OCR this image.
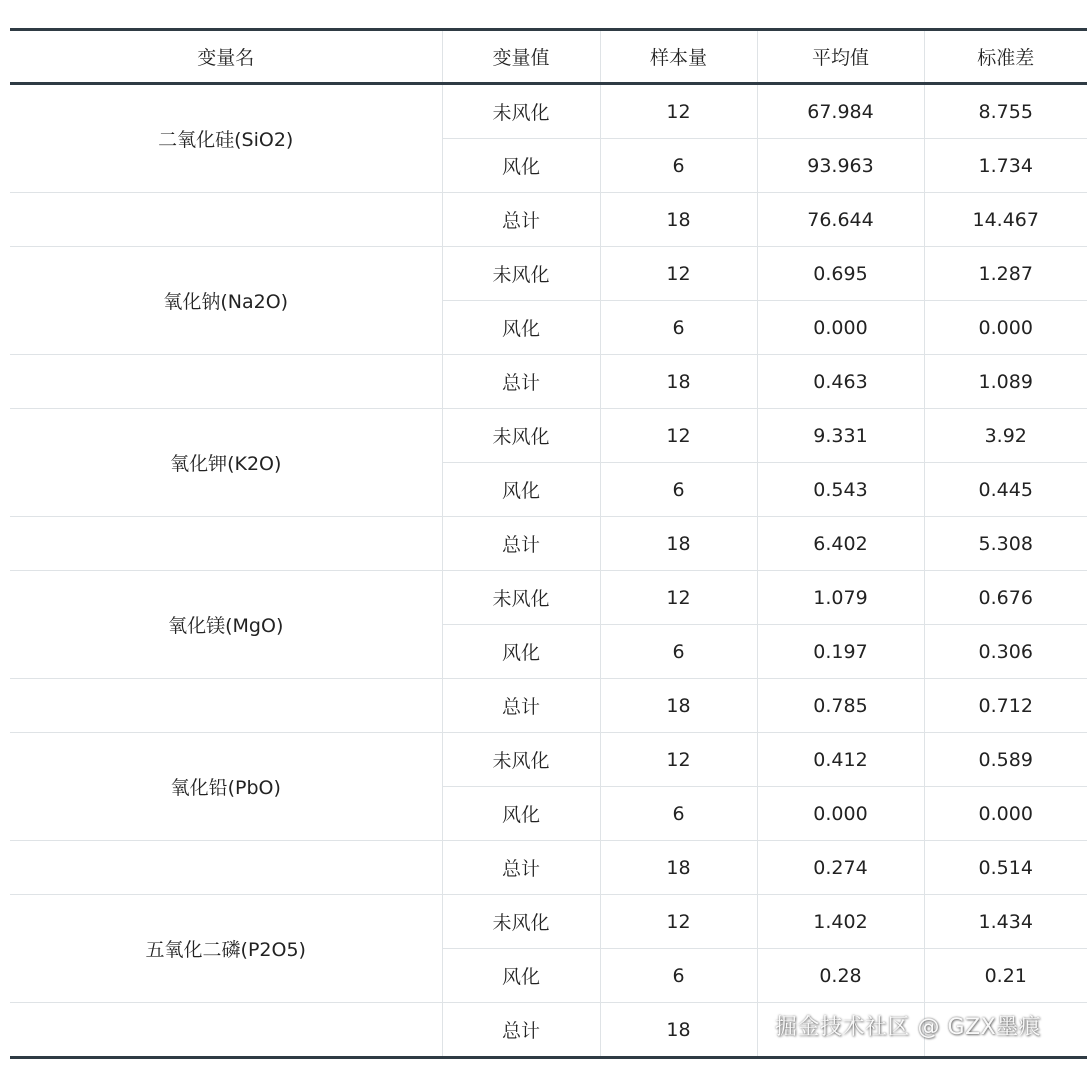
变量名	变量值	样本量	平均值	标准差
二氧化硅(SiO2)	未风化	12	67.984	8.755
	风化	6	93.963	1.734
	总计	18	76.644	14.467
氧化钠(Na2O)	未风化	12	0.695	1.287
	风化	6	0.000	0.000
	总计	18	0.463	1.089
氧化钾(K2O)	未风化	12	9.331	3.92
	风化	6	0.543	0.445
	总计	18	6.402	5.308
氧化镁(MgO)	未风化	12	1.079	0.676
	风化	6	0.197	0.306
	总计	18	0.785	0.712
氧化铅(PbO)	未风化	12	0.412	0.589
	风化	6	0.000	0.000
	总计	18	0.274	0.514
五氧化二磷(P2O5)	未风化	12	1.402	1.434
	风化	6	0.28	0.21
	总计	18			掘金技术社区 @ GZX墨痕
